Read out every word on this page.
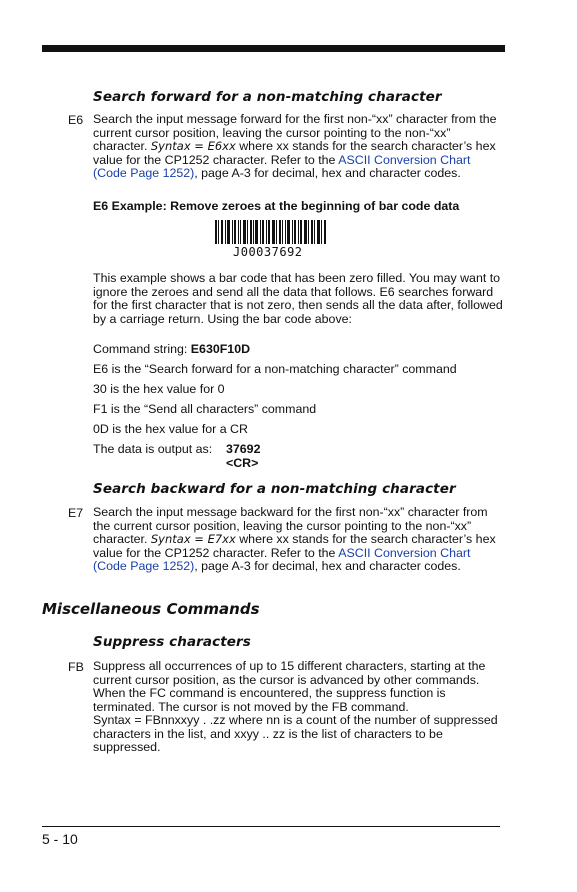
Search forward for a non-matching character
E6 Search the input message forward for the first non-“xx” character from the current cursor position, leaving the cursor pointing to the non-“xx” character. Syntax = E6xx where xx stands for the search character’s hex value for the CP1252 character. Refer to the ASCII Conversion Chart (Code Page 1252), page A-3 for decimal, hex and character codes.
E6 Example: Remove zeroes at the beginning of bar code data
J00037692
This example shows a bar code that has been zero filled. You may want to ignore the zeroes and send all the data that follows. E6 searches forward for the first character that is not zero, then sends all the data after, followed by a carriage return. Using the bar code above:
Command string: E630F10D
E6 is the “Search forward for a non-matching character” command
30 is the hex value for 0
F1 is the “Send all characters” command
0D is the hex value for a CR
The data is output as: 37692
<CR>
Search backward for a non-matching character
E7 Search the input message backward for the first non-“xx” character from the current cursor position, leaving the cursor pointing to the non-“xx” character. Syntax = E7xx where xx stands for the search character’s hex value for the CP1252 character. Refer to the ASCII Conversion Chart (Code Page 1252), page A-3 for decimal, hex and character codes.
Miscellaneous Commands
Suppress characters
FB Suppress all occurrences of up to 15 different characters, starting at the current cursor position, as the cursor is advanced by other commands. When the FC command is encountered, the suppress function is terminated. The cursor is not moved by the FB command.
Syntax = FBnnxxyy . .zz where nn is a count of the number of suppressed characters in the list, and xxyy .. zz is the list of characters to be suppressed.
5 - 10
